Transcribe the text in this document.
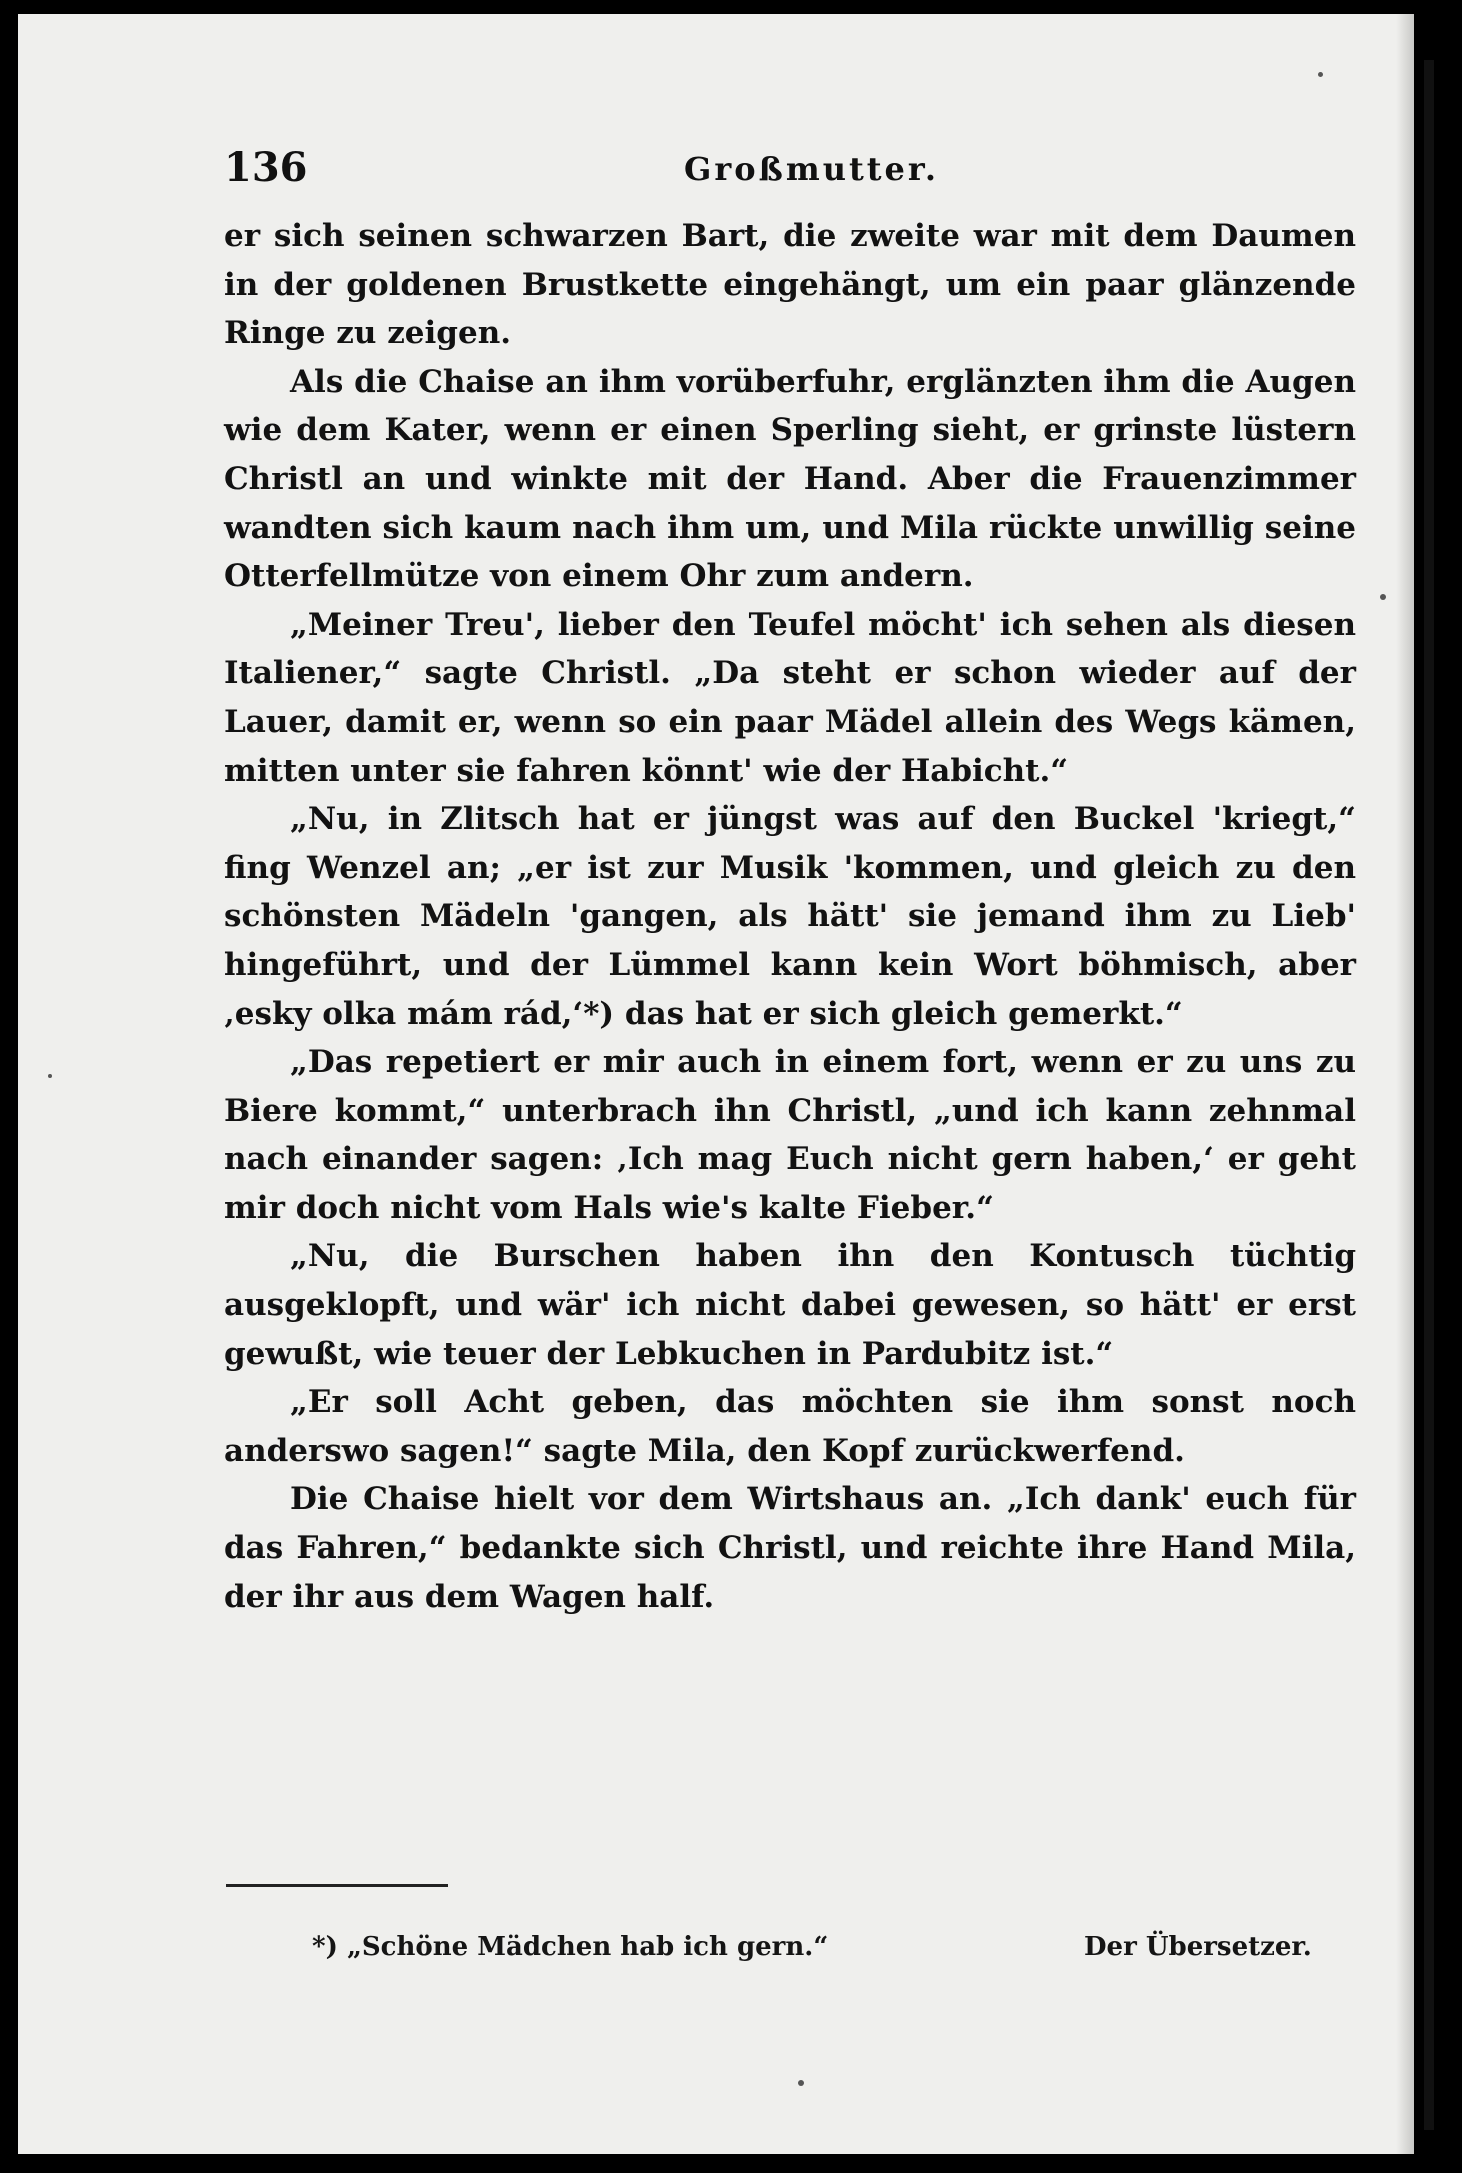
136	Großmutter.

er sich seinen schwarzen Bart, die zweite war mit dem Daumen in der goldenen Brustkette eingehängt, um ein paar glänzende Ringe zu zeigen.

Als die Chaise an ihm vorüberfuhr, erglänzten ihm die Augen wie dem Kater, wenn er einen Sperling sieht, er grinste lüstern Christl an und winkte mit der Hand. Aber die Frauenzimmer wandten sich kaum nach ihm um, und Mila rückte unwillig seine Otterfellmütze von einem Ohr zum andern.

„Meiner Treu', lieber den Teufel möcht' ich sehen als diesen Italiener,“ sagte Christl. „Da steht er schon wieder auf der Lauer, damit er, wenn so ein paar Mädel allein des Wegs kämen, mitten unter sie fahren könnt' wie der Habicht.“

„Nu, in Zlitsch hat er jüngst was auf den Buckel 'kriegt,“ fing Wenzel an; „er ist zur Musik 'kommen, und gleich zu den schönsten Mädeln 'gangen, als hätt' sie jemand ihm zu Lieb' hingeführt, und der Lümmel kann kein Wort böhmisch, aber ‚esky olka mám rád,‘*) das hat er sich gleich gemerkt.“

„Das repetiert er mir auch in einem fort, wenn er zu uns zu Biere kommt,“ unterbrach ihn Christl, „und ich kann zehnmal nach einander sagen: ‚Ich mag Euch nicht gern haben,‘ er geht mir doch nicht vom Hals wie's kalte Fieber.“

„Nu, die Burschen haben ihn den Kontusch tüchtig ausgeklopft, und wär' ich nicht dabei gewesen, so hätt' er erst gewußt, wie teuer der Lebkuchen in Pardubitz ist.“

„Er soll Acht geben, das möchten sie ihm sonst noch anderswo sagen!“ sagte Mila, den Kopf zurückwerfend.

Die Chaise hielt vor dem Wirtshaus an. „Ich dank' euch für das Fahren,“ bedankte sich Christl, und reichte ihre Hand Mila, der ihr aus dem Wagen half.

*) „Schöne Mädchen hab ich gern.“	Der Übersetzer.
